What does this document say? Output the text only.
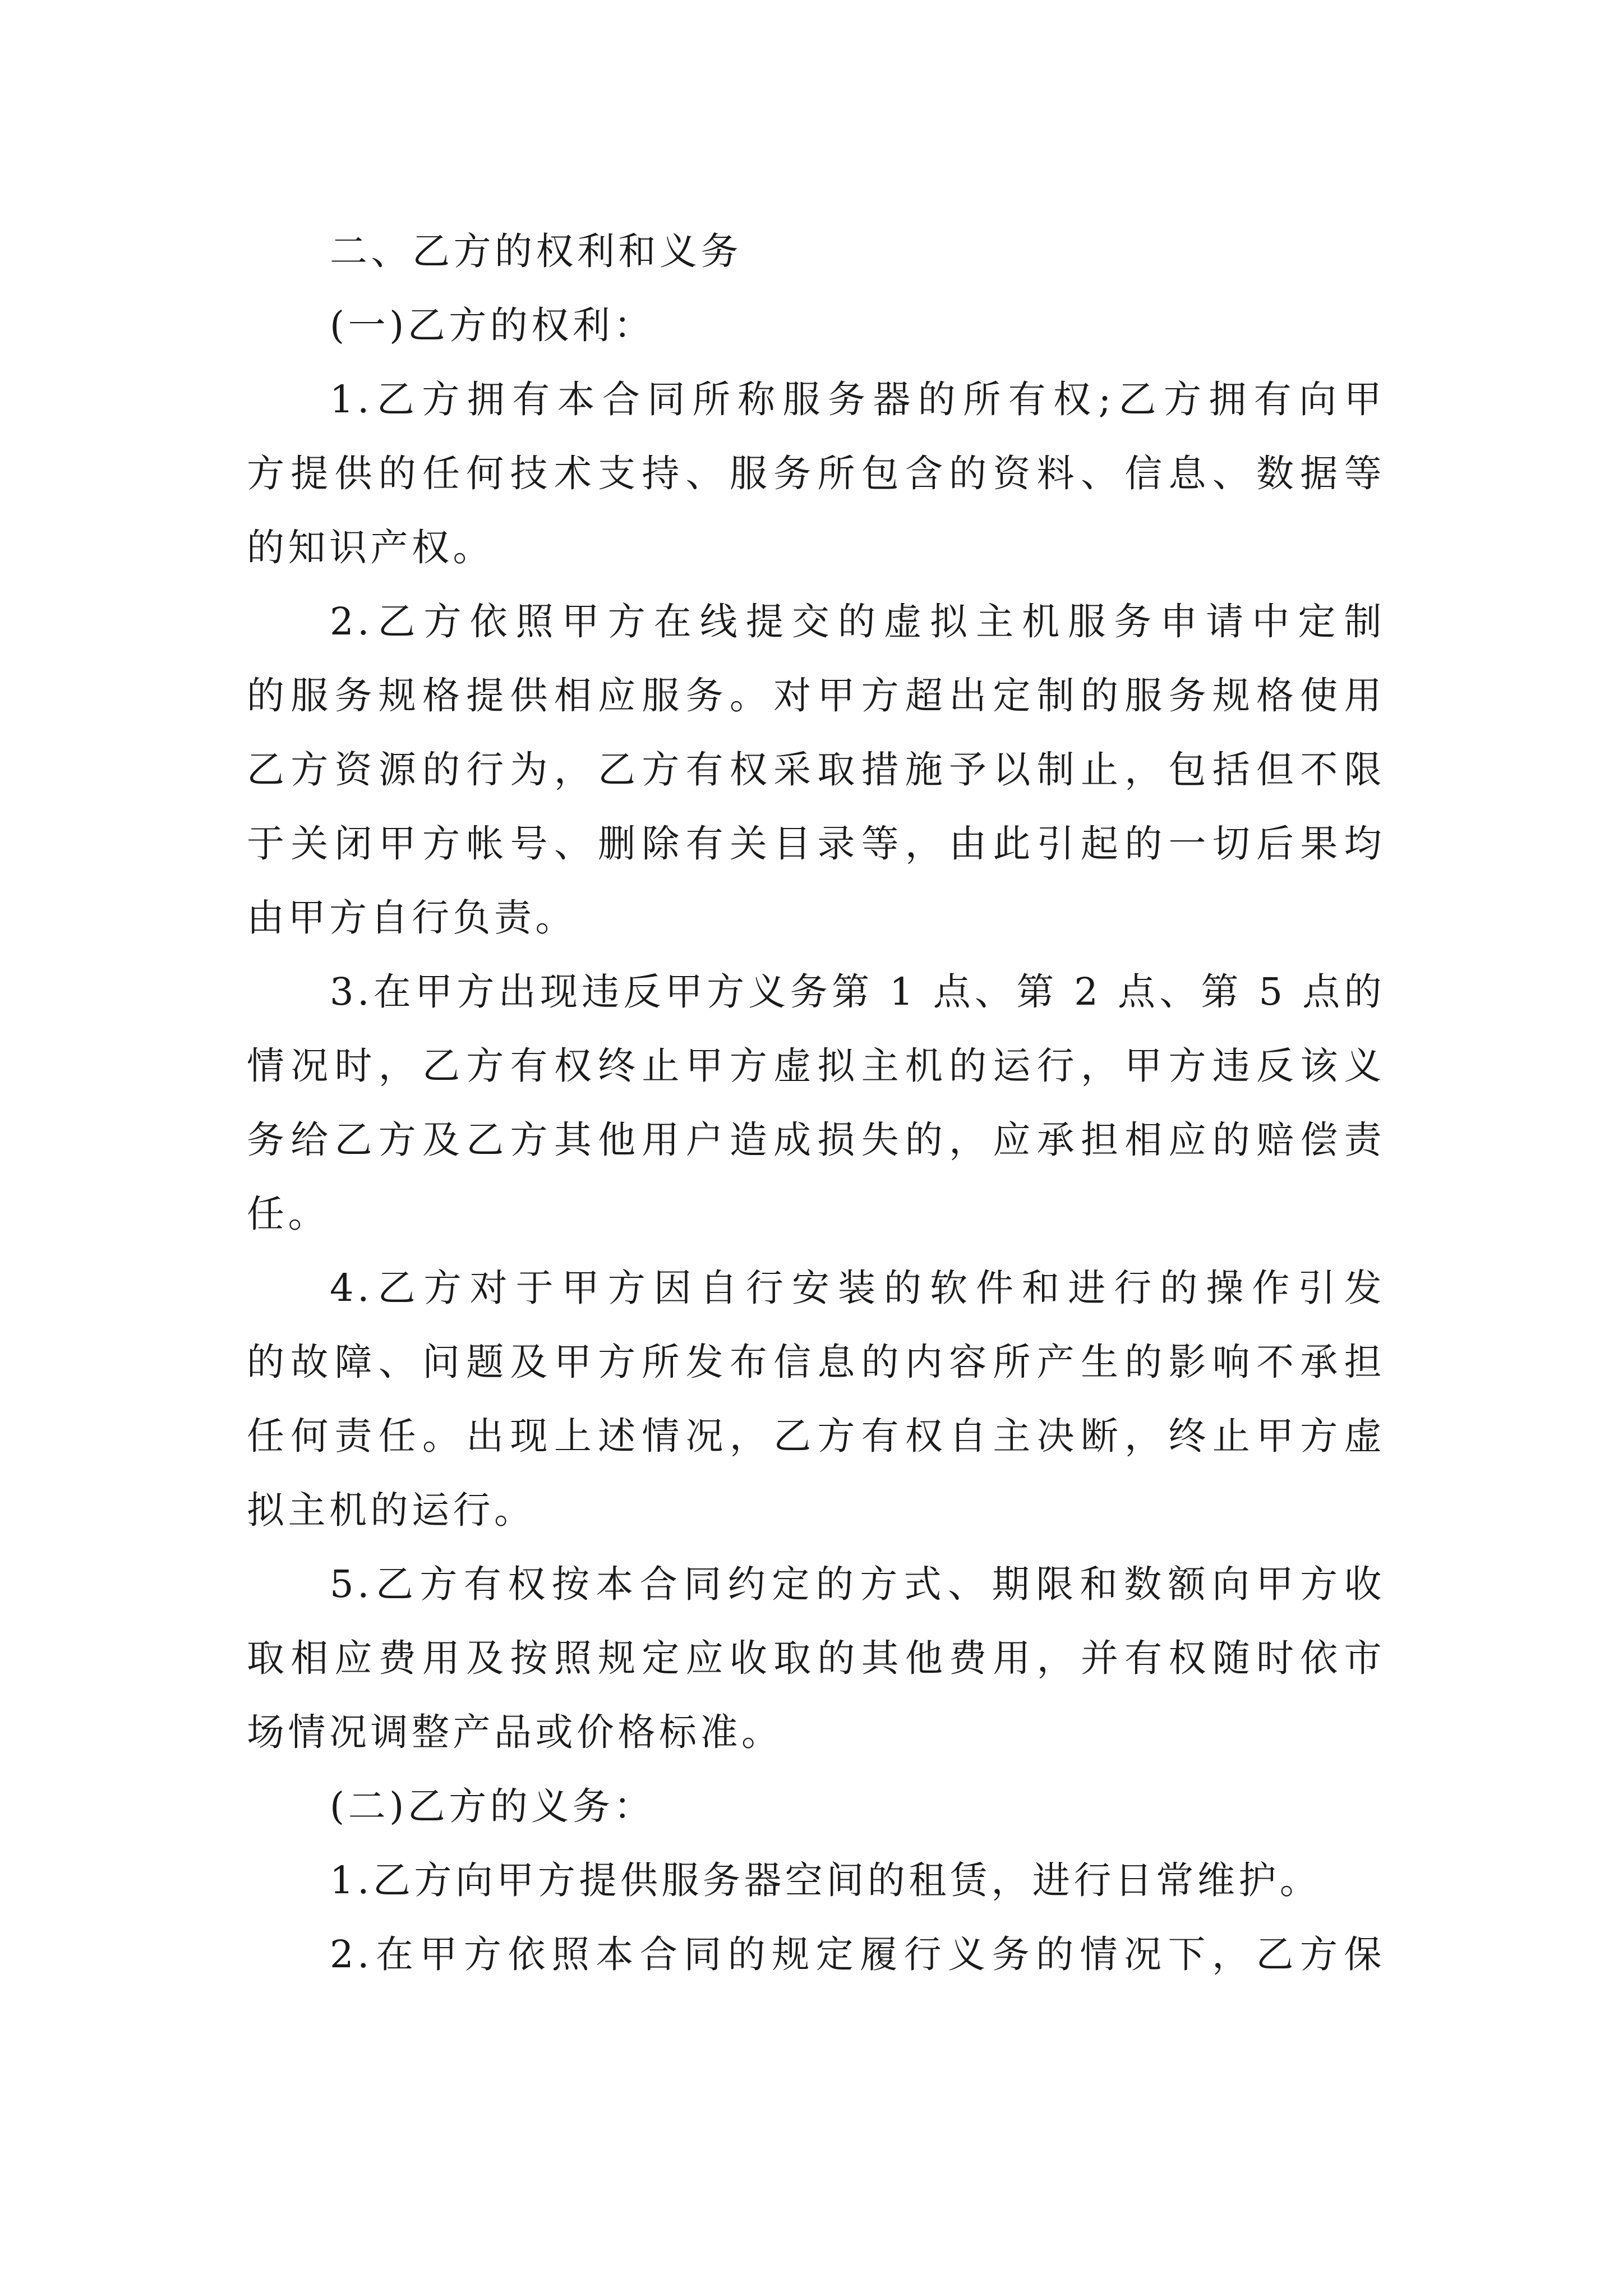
二、乙方的权利和义务
(一)乙方的权利：
1.乙方拥有本合同所称服务器的所有权;乙方拥有向甲
方提供的任何技术支持、服务所包含的资料、信息、数据等
的知识产权。
2.乙方依照甲方在线提交的虚拟主机服务申请中定制
的服务规格提供相应服务。对甲方超出定制的服务规格使用
乙方资源的行为，乙方有权采取措施予以制止，包括但不限
于关闭甲方帐号、删除有关目录等，由此引起的一切后果均
由甲方自行负责。
3.在甲方出现违反甲方义务第 1 点、第 2 点、第 5 点的
情况时，乙方有权终止甲方虚拟主机的运行，甲方违反该义
务给乙方及乙方其他用户造成损失的，应承担相应的赔偿责
任。
4.乙方对于甲方因自行安装的软件和进行的操作引发
的故障、问题及甲方所发布信息的内容所产生的影响不承担
任何责任。出现上述情况，乙方有权自主决断，终止甲方虚
拟主机的运行。
5.乙方有权按本合同约定的方式、期限和数额向甲方收
取相应费用及按照规定应收取的其他费用，并有权随时依市
场情况调整产品或价格标准。
(二)乙方的义务：
1.乙方向甲方提供服务器空间的租赁，进行日常维护。
2.在甲方依照本合同的规定履行义务的情况下，乙方保
